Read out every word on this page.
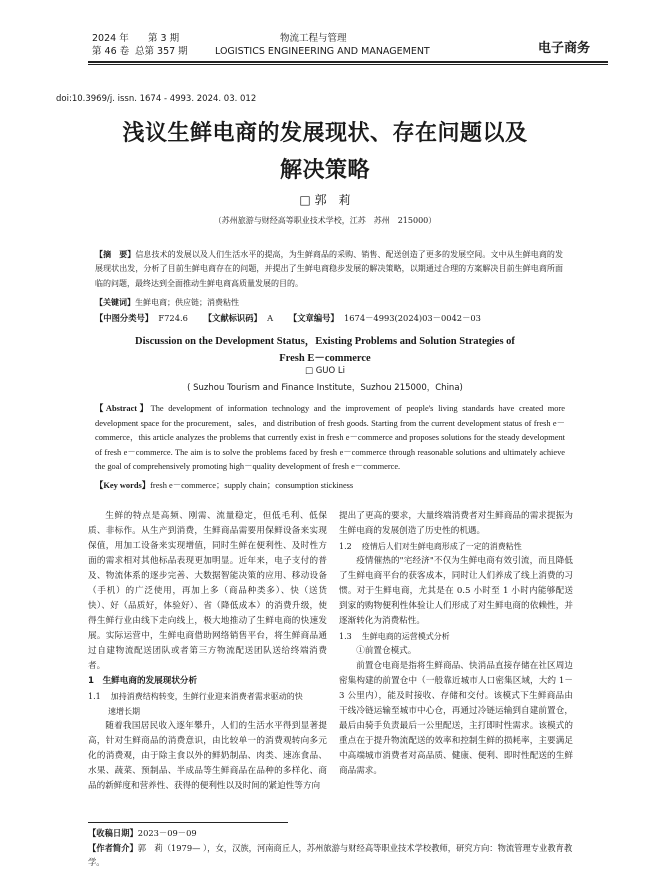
2024 年 第 3 期
第 46 卷 总第 357 期
物流工程与管理
LOGISTICS ENGINEERING AND MANAGEMENT	电子商务
doi:10.3969/j. issn. 1674 - 4993. 2024. 03. 012
浅议生鲜电商的发展现状、存在问题以及
解决策略
□ 郭　莉
（苏州旅游与财经高等职业技术学校，江苏　苏州　215000）
【摘　要】信息技术的发展以及人们生活水平的提高，为生鲜商品的采购、销售、配送创造了更多的发展空间。文中从生鲜电商的发展现状出发，分析了目前生鲜电商存在的问题，并提出了生鲜电商稳步发展的解决策略，以期通过合理的方案解决目前生鲜电商所面临的问题，最终达到全面推动生鲜电商高质量发展的目的。
【关键词】生鲜电商；供应链；消费粘性
【中图分类号】 F724.6 【文献标识码】 A 【文章编号】 1674－4993(2024)03－0042－03
Discussion on the Development Status，Existing Problems and Solution Strategies of
Fresh E－commerce
□ GUO Li
( Suzhou Tourism and Finance Institute，Suzhou 215000，China)
【Abstract】The development of information technology and the improvement of people's living standards have created more development space for the procurement，sales，and distribution of fresh goods. Starting from the current development status of fresh e－commerce，this article analyzes the problems that currently exist in fresh e－commerce and proposes solutions for the steady development of fresh e－commerce. The aim is to solve the problems faced by fresh e－commerce through reasonable solutions and ultimately achieve the goal of comprehensively promoting high－quality development of fresh e－commerce.
【Key words】fresh e－commerce；supply chain；consumption stickiness

生鲜的特点是高频、刚需、流量稳定，但低毛利、低保质、非标作。从生产到消费，生鲜商品需要用保鲜设备来实现保值，用加工设备来实现增值，同时生鲜在便利性、及时性方面的需求相对其他标品表现更加明显。近年来，电子支付的普及、物流体系的逐步完善、大数据智能决策的应用、移动设备（手机）的广泛使用，再加上多（商品种类多）、快（送货快）、好（品质好，体验好）、省（降低成本）的消费升级，使得生鲜行业由线下走向线上，极大地推动了生鲜电商的快速发展。实际运营中，生鲜电商借助网络销售平台，将生鲜商品通过自建物流配送团队或者第三方物流配送团队送给终端消费者。

1　生鲜电商的发展现状分析

1.1 加持消费结构转变，生鲜行业迎来消费者需求驱动的快

速增长期

随着我国居民收入逐年攀升，人们的生活水平得到显著提高，针对生鲜商品的消费意识，由比较单一的消费观转向多元化的消费观，由于除主食以外的鲜奶制品、肉类、速冻食品、水果、蔬菜、预制品、半成品等生鲜商品在品种的多样化、商品的新鲜度和营养性、获得的便利性以及时间的紧迫性等方向

提出了更高的要求，大量终端消费者对生鲜商品的需求提振为生鲜电商的发展创造了历史性的机遇。

1.2 疫情后人们对生鲜电商形成了一定的消费粘性

疫情催热的"宅经济"不仅为生鲜电商有效引流，而且降低了生鲜电商平台的获客成本，同时让人们养成了线上消费的习惯。对于生鲜电商，尤其是在 0.5 小时至 1 小时内能够配送到家的购物便利性体验让人们形成了对生鲜电商的依赖性，并逐渐转化为消费粘性。

1.3 生鲜电商的运营模式分析

①前置仓模式。

前置仓电商是指将生鲜商品、快消品直接存储在社区周边密集构建的前置仓中（一般靠近城市人口密集区域，大约 1－3 公里内），能及时接收、存储和交付。该模式下生鲜商品由干线冷链运输至城市中心仓，再通过冷链运输到自建前置仓，最后由骑手负责最后一公里配送，主打即时性需求。该模式的重点在于提升物流配送的效率和控制生鲜的损耗率，主要满足中高端城市消费者对高品质、健康、便利、即时性配送的生鲜商品需求。

【收稿日期】2023－09－09
【作者简介】郭　莉（1979— ），女，汉族，河南商丘人，苏州旅游与财经高等职业技术学校教师，研究方向：物流管理专业教育教学。
